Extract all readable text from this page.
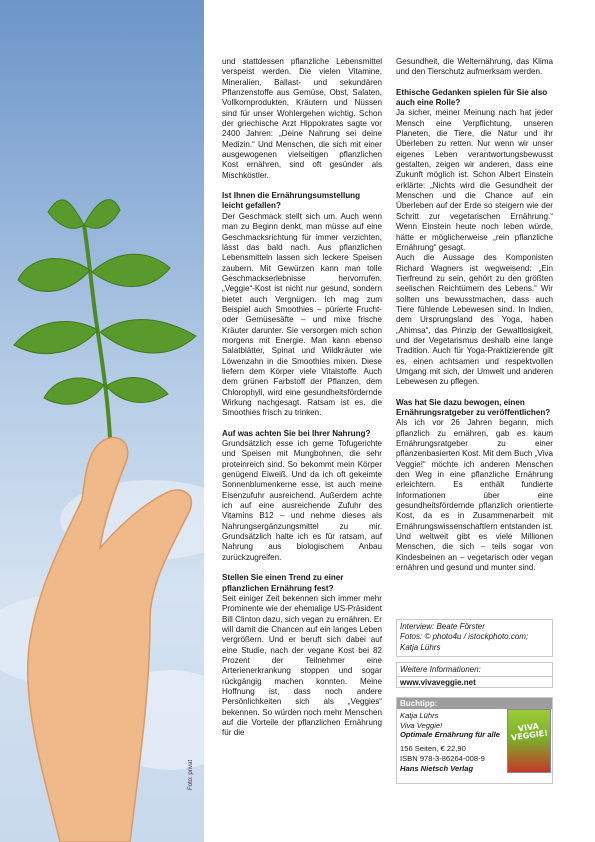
Foto: privat

und stattdessen pflanzliche Lebensmittel verspeist werden. Die vielen Vitamine, Mineralien, Ballast- und sekundären Pflanzenstoffe aus Gemüse, Obst, Salaten, Vollkornprodukten, Kräutern und Nüssen sind für unser Wohlergehen wichtig. Schon der griechische Arzt Hippokrates sagte vor 2400 Jahren: „Deine Nahrung sei deine Medizin.“ Und Menschen, die sich mit einer ausgewogenen vielseitigen pflanzlichen Kost ernähren, sind oft gesünder als Mischköstler.

Ist Ihnen die Ernährungsumstellung leicht gefallen?

Der Geschmack stellt sich um. Auch wenn man zu Beginn denkt, man müsse auf eine Geschmacksrichtung für immer verzichten, lässt das bald nach. Aus pflanzlichen Lebensmitteln lassen sich leckere Speisen zaubern. Mit Gewürzen kann man tolle Geschmackserlebnisse hervorrufen. „Veggie“-Kost ist nicht nur gesund, sondern bietet auch Vergnügen. Ich mag zum Beispiel auch Smoothies – pürierte Frucht- oder Gemüsesäfte – und mixe frische Kräuter darunter. Sie versorgen mich schon morgens mit Energie. Man kann ebenso Salatblätter, Spinat und Wildkräuter wie Löwenzahn in die Smoothies mixen. Diese liefern dem Körper viele Vitalstoffe. Auch dem grünen Farbstoff der Pflanzen, dem Chlorophyll, wird eine gesundheitsfördernde Wirkung nachgesagt. Ratsam ist es, die Smoothies frisch zu trinken.

Auf was achten Sie bei Ihrer Nahrung?

Grundsätzlich esse ich gerne Tofugerichte und Speisen mit Mungbohnen, die sehr proteinreich sind. So bekommt mein Körper genügend Eiweiß. Und da ich oft gekeimte Sonnenblumenkerne esse, ist auch meine Eisenzufuhr ausreichend. Außerdem achte ich auf eine ausreichende Zufuhr des Vitamins B12 – und nehme dieses als Nahrungsergänzungsmittel zu mir. Grundsätzlich halte ich es für ratsam, auf Nahrung aus biologischem Anbau zurückzugreifen.

Stellen Sie einen Trend zu einer pflanzlichen Ernährung fest?

Seit einiger Zeit bekennen sich immer mehr Prominente wie der ehemalige US-Präsident Bill Clinton dazu, sich vegan zu ernähren. Er will damit die Chancen auf ein langes Leben vergrößern. Und er beruft sich dabei auf eine Studie, nach der vegane Kost bei 82 Prozent der Teilnehmer eine Arterienerkrankung stoppen und sogar rückgängig machen konnten. Meine Hoffnung ist, dass noch andere Persönlichkeiten sich als „Veggies“ bekennen. So würden noch mehr Menschen auf die Vorteile der pflanzlichen Ernährung für die

Gesundheit, die Welternährung, das Klima und den Tierschutz aufmerksam werden.

Ethische Gedanken spielen für Sie also auch eine Rolle?

Ja sicher, meiner Meinung nach hat jeder Mensch eine Verpflichtung, unseren Planeten, die Tiere, die Natur und ihr Überleben zu retten. Nur wenn wir unser eigenes Leben verantwortungsbewusst gestalten, zeigen wir anderen, dass eine Zukunft möglich ist. Schon Albert Einstein erklärte: „Nichts wird die Gesundheit der Menschen und die Chance auf ein Überleben auf der Erde so steigern wie der Schritt zur vegetarischen Ernährung.“ Wenn Einstein heute noch leben würde, hätte er möglicherweise „rein pflanzliche Ernährung“ gesagt.

Auch die Aussage des Komponisten Richard Wagners ist wegweisend: „Ein Tierfreund zu sein, gehört zu den größten seelischen Reichtümern des Lebens.“ Wir sollten uns bewusstmachen, dass auch Tiere fühlende Lebewesen sind. In Indien, dem Ursprungsland des Yoga, haben „Ahimsa“, das Prinzip der Gewaltlosigkeit, und der Vegetarismus deshalb eine lange Tradition. Auch für Yoga-Praktizierende gilt es, einen achtsamen und respektvollen Umgang mit sich, der Umwelt und anderen Lebewesen zu pflegen.

Was hat Sie dazu bewogen, einen Ernährungsratgeber zu veröffentlichen?

Als ich vor 26 Jahren begann, mich pflanzlich zu ernähren, gab es kaum Ernährungsratgeber zu einer pflanzenbasierten Kost. Mit dem Buch „Viva Veggie!“ möchte ich anderen Menschen den Weg in eine pflanzliche Ernährung erleichtern. Es enthält fundierte Informationen über eine gesundheitsfördernde pflanzlich orientierte Kost, da es in Zusammenarbeit mit Ernährungswissenschaftlern entstanden ist. Und weltweit gibt es viele Millionen Menschen, die sich – teils sogar von Kindesbeinen an – vegetarisch oder vegan ernähren und gesund und munter sind.

Interview: Beate Förster
Fotos: © photo4u / istockphoto.com;
Katja Lührs
Weitere Informationen:
www.vivaveggie.net
Buchtipp:
Katja Lührs
Viva Veggie!
Optimale Ernährung für alle
156 Seiten, € 22,90
ISBN 978-3-86264-008-9
Hans Nietsch Verlag
VIVA VEGGIE!
